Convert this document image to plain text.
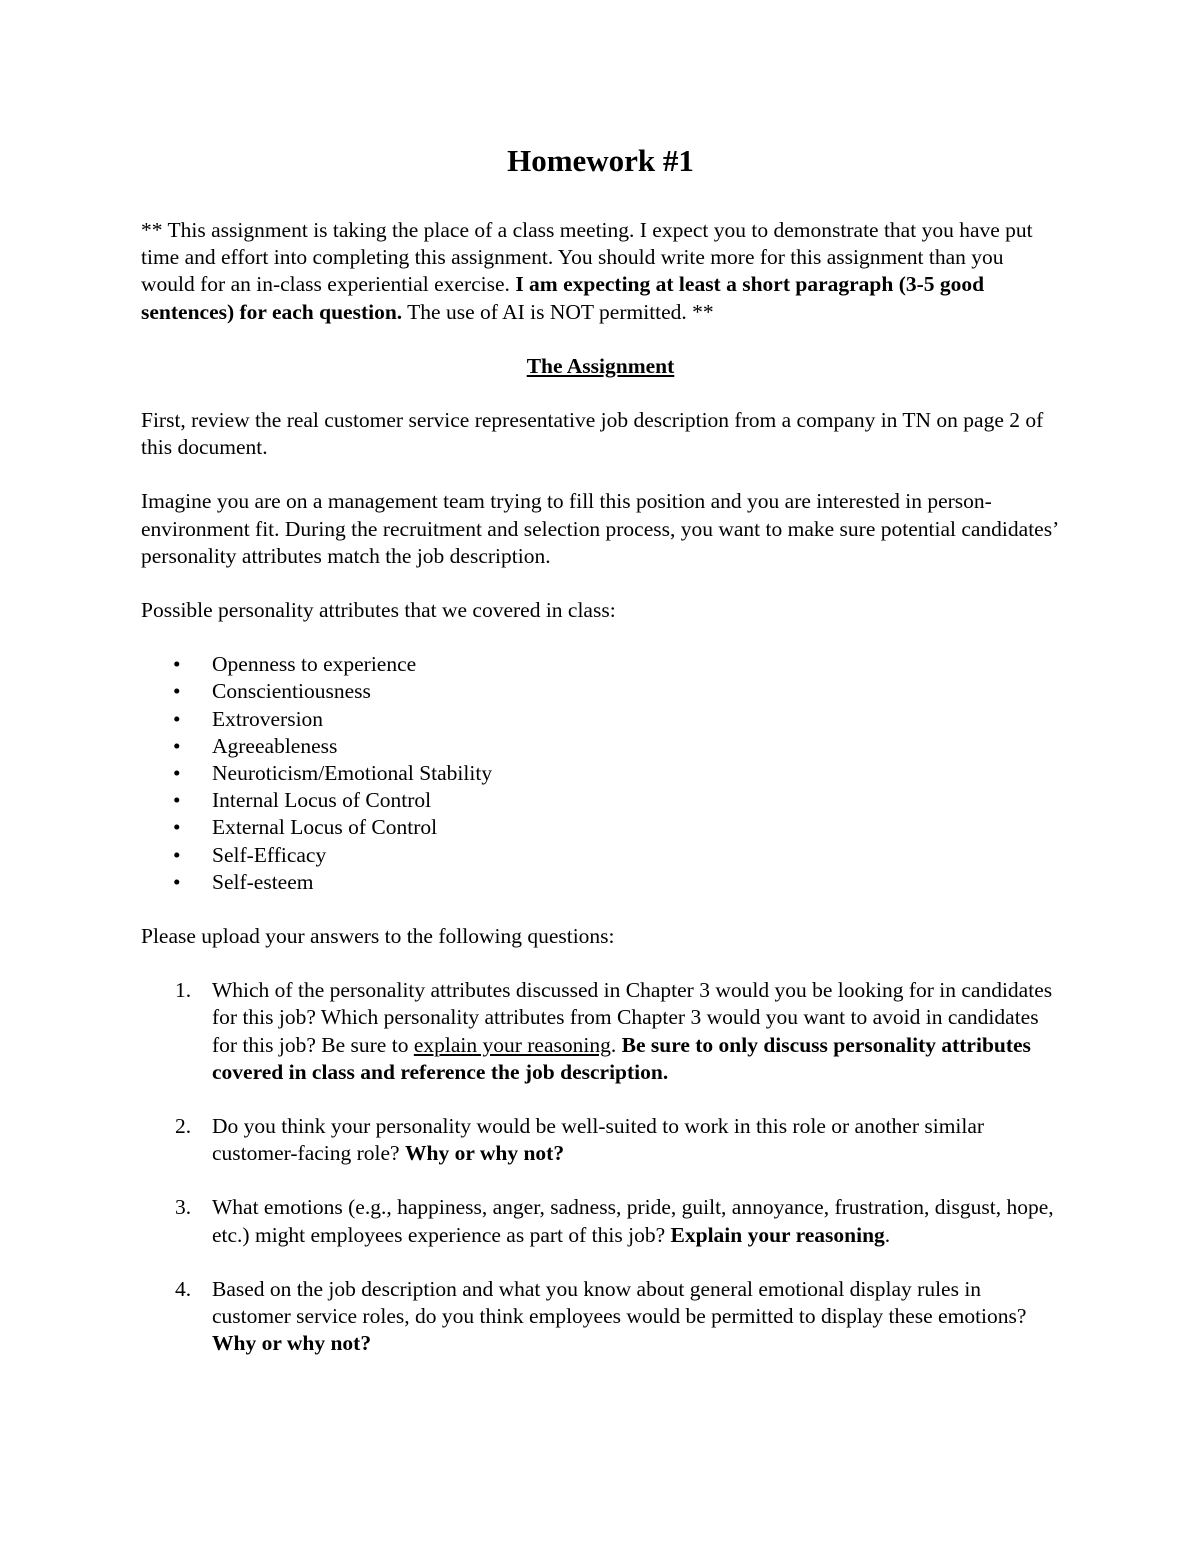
Homework #1

** This assignment is taking the place of a class meeting. I expect you to demonstrate that you have put time and effort into completing this assignment. You should write more for this assignment than you would for an in-class experiential exercise. I am expecting at least a short paragraph (3-5 good sentences) for each question. The use of AI is NOT permitted. **

The Assignment

First, review the real customer service representative job description from a company in TN on page 2 of this document.

Imagine you are on a management team trying to fill this position and you are interested in person-environment fit. During the recruitment and selection process, you want to make sure potential candidates’ personality attributes match the job description.

Possible personality attributes that we covered in class:

• Openness to experience
• Conscientiousness
• Extroversion
• Agreeableness
• Neuroticism/Emotional Stability
• Internal Locus of Control
• External Locus of Control
• Self-Efficacy
• Self-esteem

Please upload your answers to the following questions:

1. Which of the personality attributes discussed in Chapter 3 would you be looking for in candidates for this job? Which personality attributes from Chapter 3 would you want to avoid in candidates for this job? Be sure to explain your reasoning. Be sure to only discuss personality attributes covered in class and reference the job description.
2. Do you think your personality would be well-suited to work in this role or another similar customer-facing role? Why or why not?
3. What emotions (e.g., happiness, anger, sadness, pride, guilt, annoyance, frustration, disgust, hope, etc.) might employees experience as part of this job? Explain your reasoning.
4. Based on the job description and what you know about general emotional display rules in customer service roles, do you think employees would be permitted to display these emotions? Why or why not?
